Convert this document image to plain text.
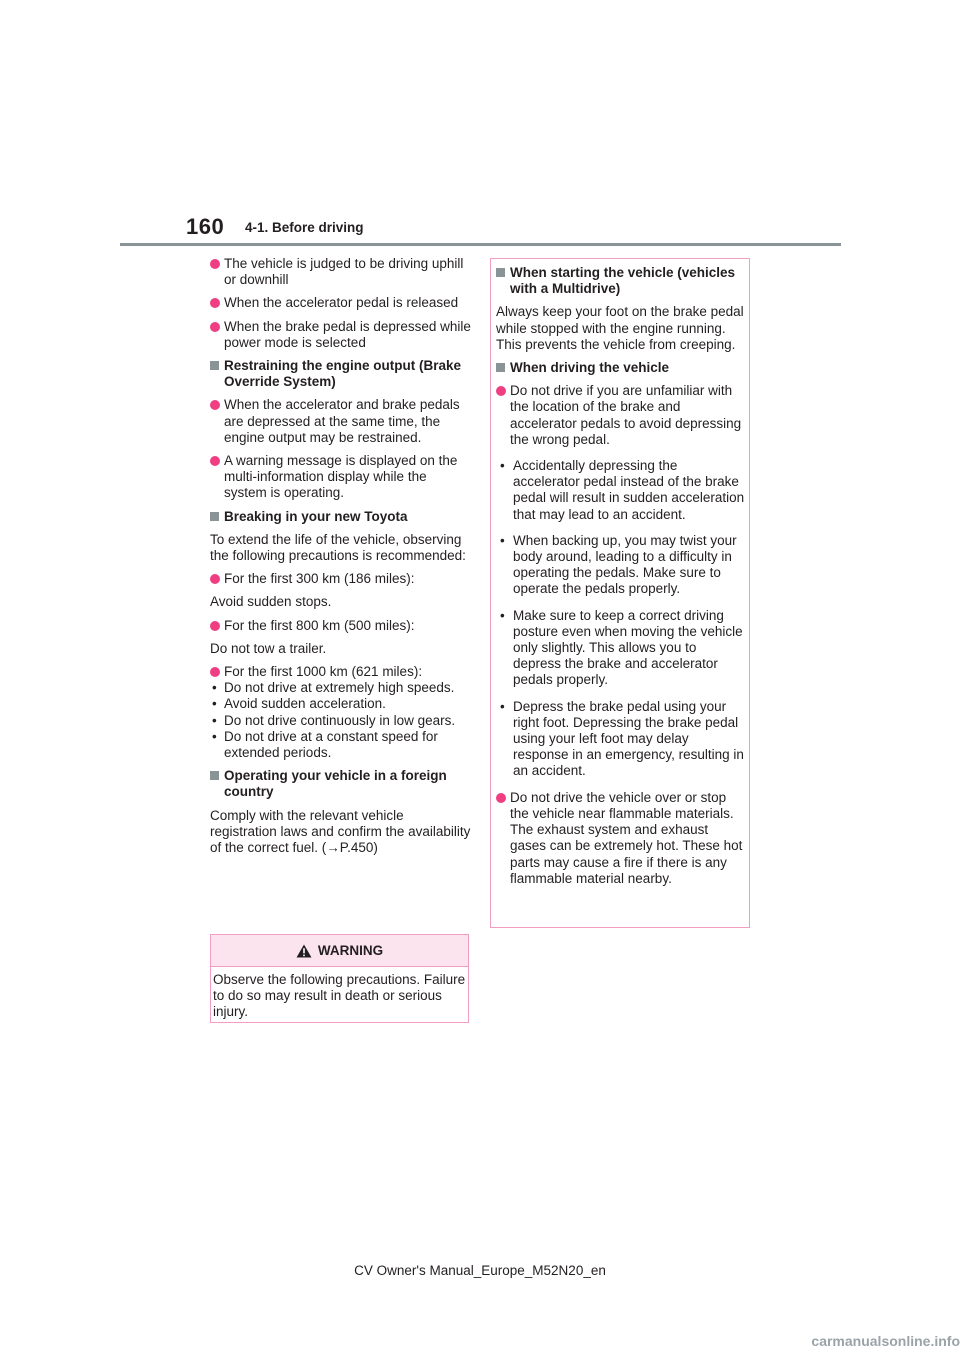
160 4-1. Before driving
The vehicle is judged to be driving uphill or downhill
When the accelerator pedal is released
When the brake pedal is depressed while power mode is selected
Restraining the engine output (Brake Override System)
When the accelerator and brake pedals are depressed at the same time, the engine output may be restrained.
A warning message is displayed on the multi-information display while the system is operating.
Breaking in your new Toyota
To extend the life of the vehicle, observing the following precautions is recommended:
For the first 300 km (186 miles):
Avoid sudden stops.
For the first 800 km (500 miles):
Do not tow a trailer.
For the first 1000 km (621 miles):
• Do not drive at extremely high speeds.
• Avoid sudden acceleration.
• Do not drive continuously in low gears.
• Do not drive at a constant speed for extended periods.
Operating your vehicle in a foreign country
Comply with the relevant vehicle registration laws and confirm the availability of the correct fuel. (→P.450)
WARNING
Observe the following precautions. Failure to do so may result in death or serious injury.
When starting the vehicle (vehicles with a Multidrive)
Always keep your foot on the brake pedal while stopped with the engine running. This prevents the vehicle from creeping.
When driving the vehicle
Do not drive if you are unfamiliar with the location of the brake and accelerator pedals to avoid depressing the wrong pedal.
• Accidentally depressing the accelerator pedal instead of the brake pedal will result in sudden acceleration that may lead to an accident.
• When backing up, you may twist your body around, leading to a difficulty in operating the pedals. Make sure to operate the pedals properly.
• Make sure to keep a correct driving posture even when moving the vehicle only slightly. This allows you to depress the brake and accelerator pedals properly.
• Depress the brake pedal using your right foot. Depressing the brake pedal using your left foot may delay response in an emergency, resulting in an accident.
Do not drive the vehicle over or stop the vehicle near flammable materials.
The exhaust system and exhaust gases can be extremely hot. These hot parts may cause a fire if there is any flammable material nearby.
CV Owner's Manual_Europe_M52N20_en
carmanualsonline.info
